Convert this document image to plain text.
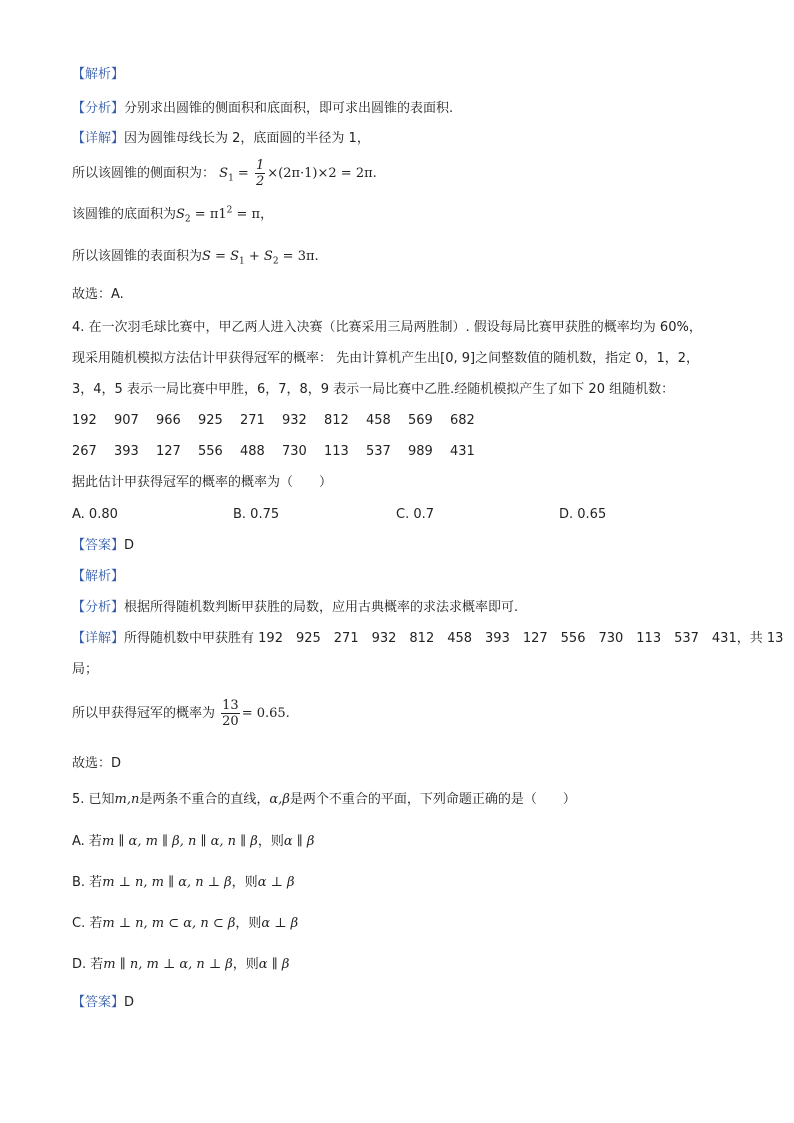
【解析】
【分析】分别求出圆锥的侧面积和底面积，即可求出圆锥的表面积.
【详解】因为圆锥母线长为 2，底面圆的半径为 1，
所以该圆锥的侧面积为： $S_1 = \frac{1}{2} \times(2\pi\cdot 1)\times 2 = 2\pi$.
该圆锥的底面积为$S_2 = \pi 1^2 = \pi$，
所以该圆锥的表面积为$S = S_1 + S_2 = 3\pi$.
故选：A.
4. 在一次羽毛球比赛中，甲乙两人进入决赛（比赛采用三局两胜制）. 假设每局比赛甲获胜的概率均为 60%，
现采用随机模拟方法估计甲获得冠军的概率： 先由计算机产生出[0, 9]之间整数值的随机数，指定 0，1，2，
3，4，5 表示一局比赛中甲胜，6，7，8，9 表示一局比赛中乙胜.经随机模拟产生了如下 20 组随机数：
192 907 966 925 271 932 812 458 569 682
267 393 127 556 488 730 113 537 989 431
据此估计甲获得冠军的概率的概率为（　　）
A. 0.80	B. 0.75	C. 0.7	D. 0.65
【答案】D
【解析】
【分析】根据所得随机数判断甲获胜的局数，应用古典概率的求法求概率即可.
【详解】所得随机数中甲获胜有 192　925　271　932　812　458　393　127　556　730　113　537　431，共 13
局；
所以甲获得冠军的概率为 $\frac{13}{20} = 0.65$.
故选：D
5. 已知m,n是两条不重合的直线，α,β是两个不重合的平面，下列命题正确的是（　　）
A. 若m ∥ α, m ∥ β, n ∥ α, n ∥ β，则α ∥ β
B. 若m ⊥ n, m ∥ α, n ⊥ β，则α ⊥ β
C. 若m ⊥ n, m ⊂ α, n ⊂ β，则α ⊥ β
D. 若m ∥ n, m ⊥ α, n ⊥ β，则α ∥ β
【答案】D
